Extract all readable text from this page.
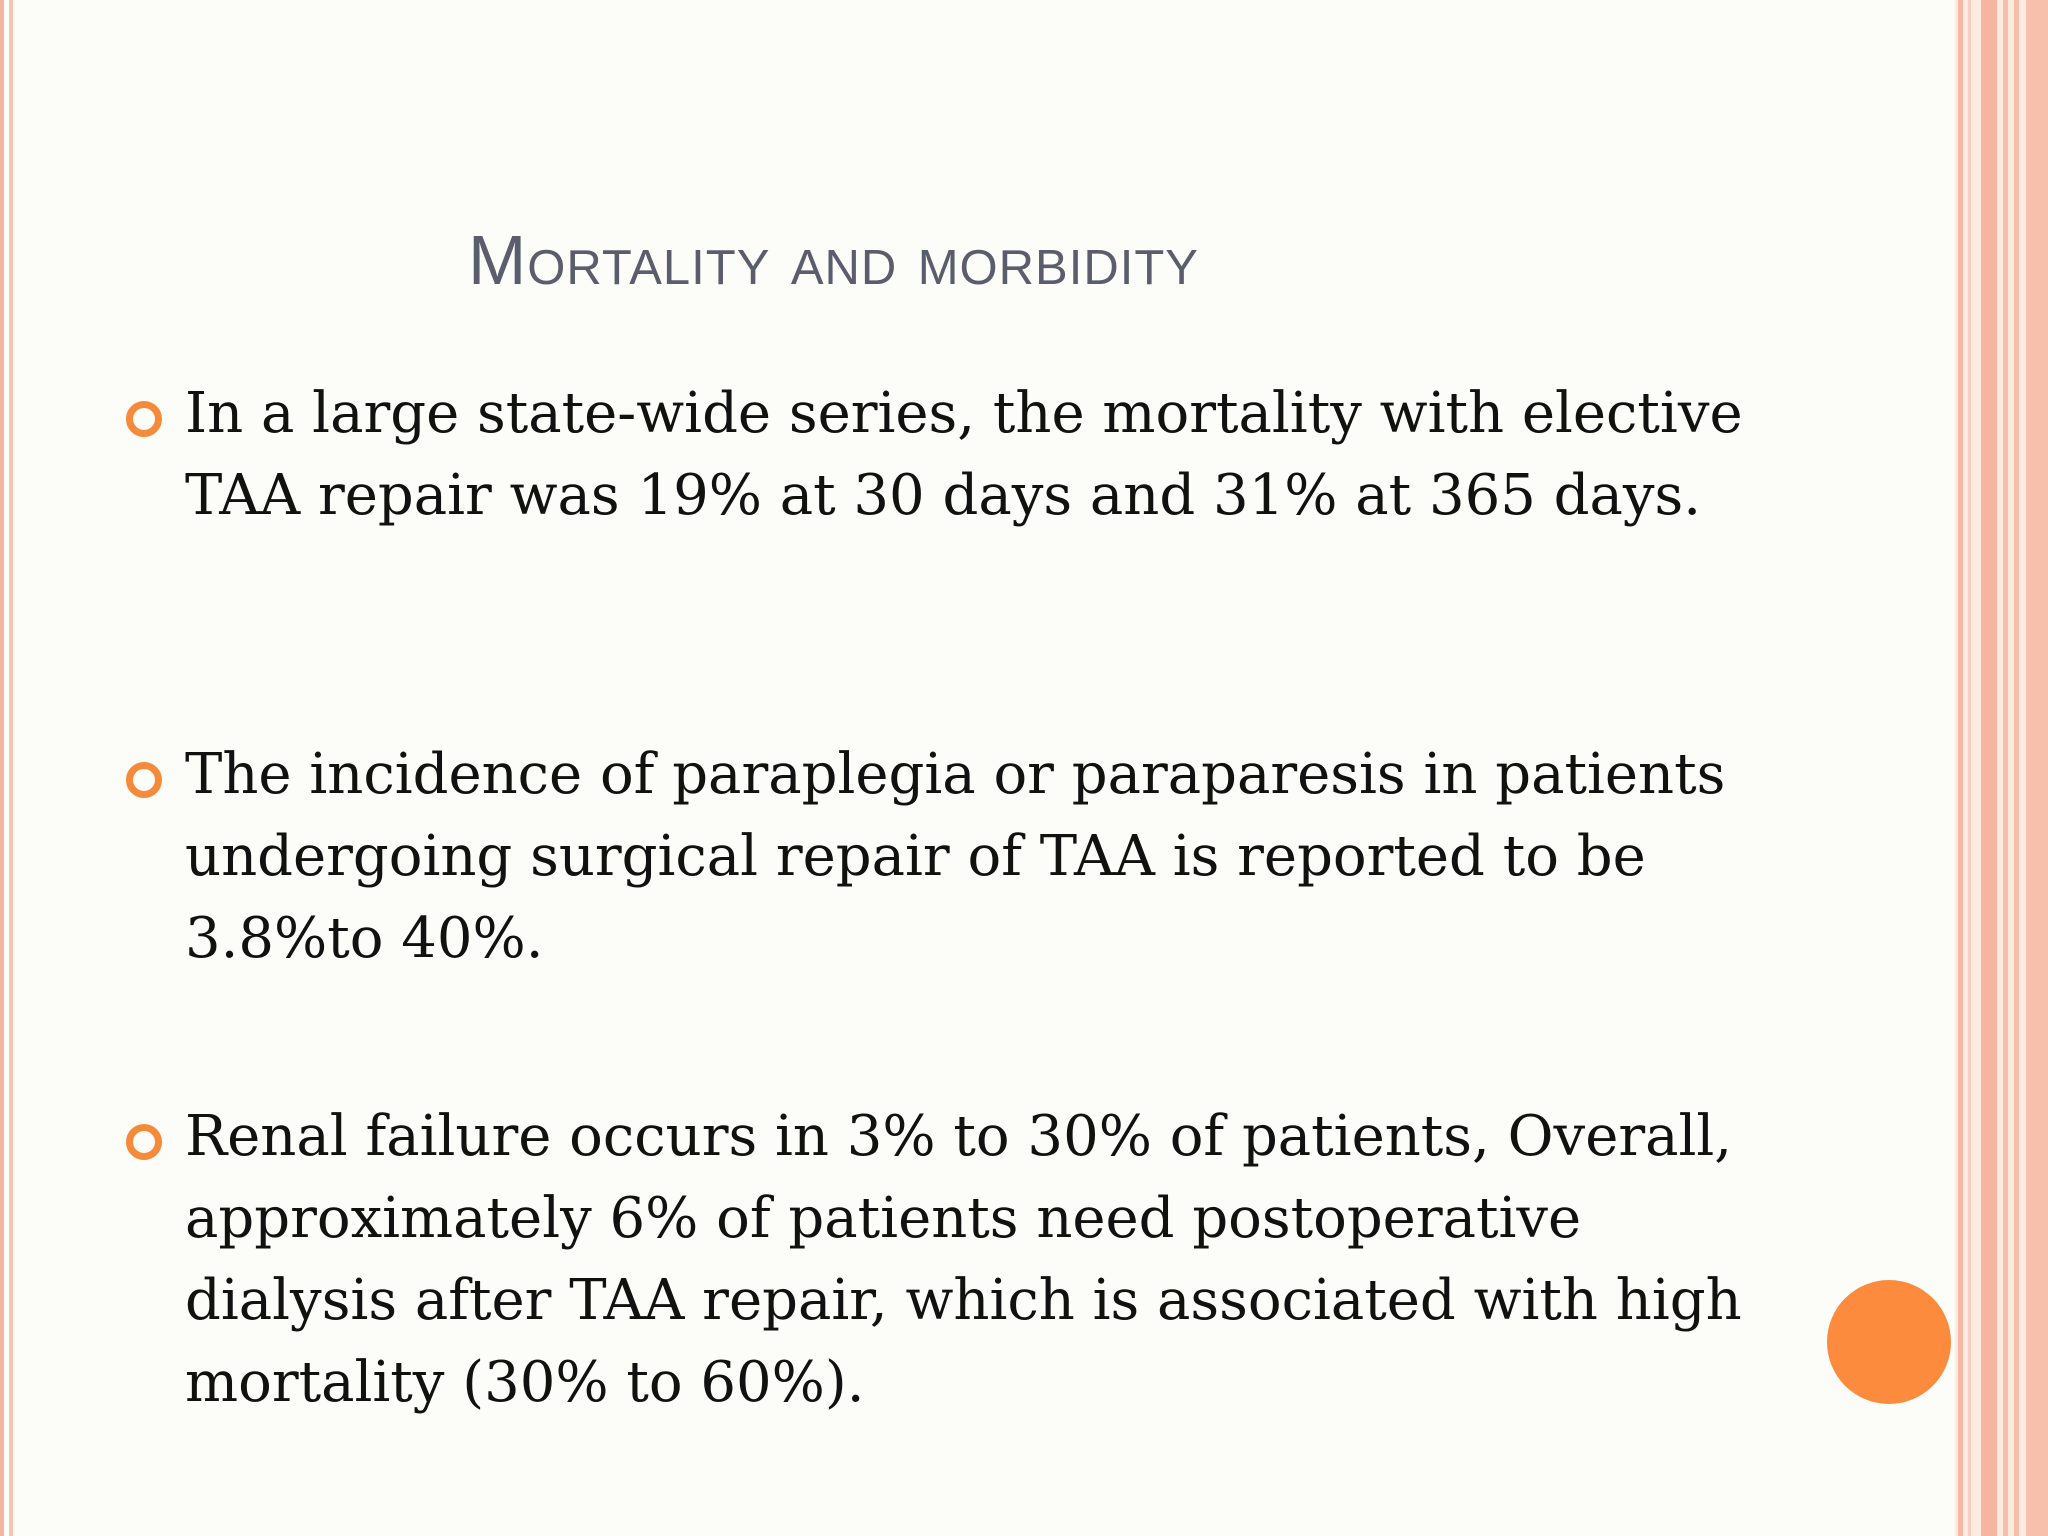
Mortality and morbidity
In a large state-wide series, the mortality with elective TAA repair was 19% at 30 days and 31% at 365 days.
The incidence of paraplegia or paraparesis in patients undergoing surgical repair of TAA is reported to be 3.8%to 40%.
Renal failure occurs in 3% to 30% of patients, Overall, approximately 6% of patients need postoperative dialysis after TAA repair, which is associated with high mortality (30% to 60%).
